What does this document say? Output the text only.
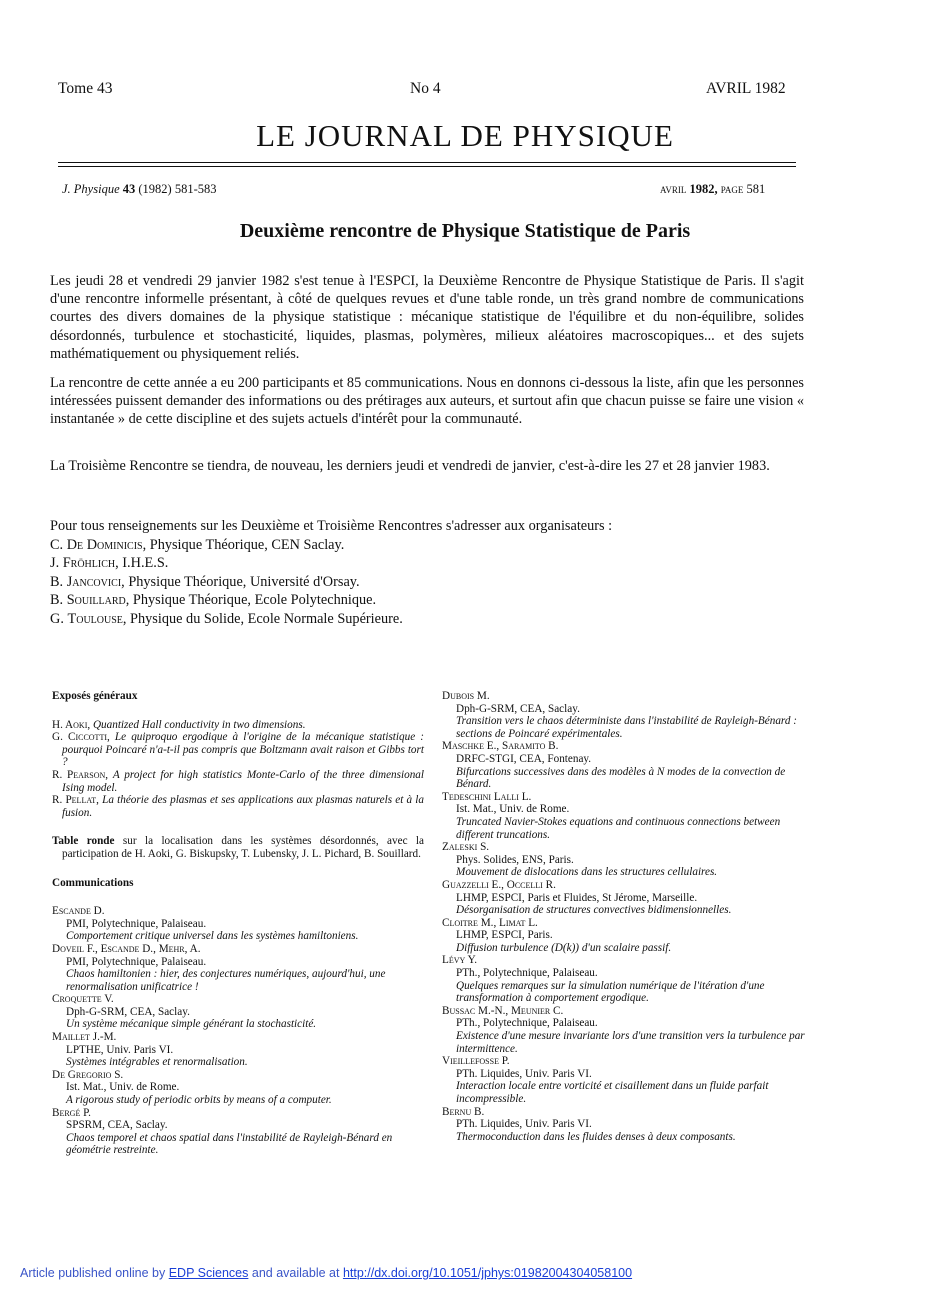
Tome 43	No 4	AVRIL 1982
LE JOURNAL DE PHYSIQUE
J. Physique 43 (1982) 581-583	avril 1982, page 581
Deuxième rencontre de Physique Statistique de Paris

Les jeudi 28 et vendredi 29 janvier 1982 s'est tenue à l'ESPCI, la Deuxième Rencontre de Physique Statistique de Paris. Il s'agit d'une rencontre informelle présentant, à côté de quelques revues et d'une table ronde, un très grand nombre de communications courtes des divers domaines de la physique statistique : mécanique statistique de l'équilibre et du non-équilibre, solides désordonnés, turbulence et stochasticité, liquides, plasmas, polymères, milieux aléatoires macroscopiques... et des sujets mathématiquement ou physiquement reliés.

La rencontre de cette année a eu 200 participants et 85 communications. Nous en donnons ci-dessous la liste, afin que les personnes intéressées puissent demander des informations ou des prétirages aux auteurs, et surtout afin que chacun puisse se faire une vision « instantanée » de cette discipline et des sujets actuels d'intérêt pour la communauté.

La Troisième Rencontre se tiendra, de nouveau, les derniers jeudi et vendredi de janvier, c'est-à-dire les 27 et 28 janvier 1983.

Pour tous renseignements sur les Deuxième et Troisième Rencontres s'adresser aux organisateurs :
C. De Dominicis, Physique Théorique, CEN Saclay.
J. Fröhlich, I.H.E.S.
B. Jancovici, Physique Théorique, Université d'Orsay.
B. Souillard, Physique Théorique, Ecole Polytechnique.
G. Toulouse, Physique du Solide, Ecole Normale Supérieure.
Exposés généraux
H. Aoki, Quantized Hall conductivity in two dimensions.
G. Ciccotti, Le quiproquo ergodique à l'origine de la mécanique statistique : pourquoi Poincaré n'a-t-il pas compris que Boltzmann avait raison et Gibbs tort ?
R. Pearson, A project for high statistics Monte-Carlo of the three dimensional Ising model.
R. Pellat, La théorie des plasmas et ses applications aux plasmas naturels et à la fusion.
Table ronde sur la localisation dans les systèmes désordonnés, avec la participation de H. Aoki, G. Biskupsky, T. Lubensky, J. L. Pichard, B. Souillard.
Communications
Escande D.
PMI, Polytechnique, Palaiseau.
Comportement critique universel dans les systèmes hamiltoniens.
Doveil F., Escande D., Mehr, A.
PMI, Polytechnique, Palaiseau.
Chaos hamiltonien : hier, des conjectures numériques, aujourd'hui, une renormalisation unificatrice !
Croquette V.
Dph-G-SRM, CEA, Saclay.
Un système mécanique simple générant la stochasticité.
Maillet J.-M.
LPTHE, Univ. Paris VI.
Systèmes intégrables et renormalisation.
De Gregorio S.
Ist. Mat., Univ. de Rome.
A rigorous study of periodic orbits by means of a computer.
Bergé P.
SPSRM, CEA, Saclay.
Chaos temporel et chaos spatial dans l'instabilité de Rayleigh-Bénard en géométrie restreinte.
Dubois M.
Dph-G-SRM, CEA, Saclay.
Transition vers le chaos déterministe dans l'instabilité de Rayleigh-Bénard : sections de Poincaré expérimentales.
Maschke E., Saramito B.
DRFC-STGI, CEA, Fontenay.
Bifurcations successives dans des modèles à N modes de la convection de Bénard.
Tedeschini Lalli L.
Ist. Mat., Univ. de Rome.
Truncated Navier-Stokes equations and continuous connections between different truncations.
Zaleski S.
Phys. Solides, ENS, Paris.
Mouvement de dislocations dans les structures cellulaires.
Guazzelli E., Occelli R.
LHMP, ESPCI, Paris et Fluides, St Jérome, Marseille.
Désorganisation de structures convectives bidimensionnelles.
Cloitre M., Limat L.
LHMP, ESPCI, Paris.
Diffusion turbulence (D(k)) d'un scalaire passif.
Lévy Y.
PTh., Polytechnique, Palaiseau.
Quelques remarques sur la simulation numérique de l'itération d'une transformation à comportement ergodique.
Bussac M.-N., Meunier C.
PTh., Polytechnique, Palaiseau.
Existence d'une mesure invariante lors d'une transition vers la turbulence par intermittence.
Vieillefosse P.
PTh. Liquides, Univ. Paris VI.
Interaction locale entre vorticité et cisaillement dans un fluide parfait incompressible.
Bernu B.
PTh. Liquides, Univ. Paris VI.
Thermoconduction dans les fluides denses à deux composants.
Article published online by EDP Sciences and available at http://dx.doi.org/10.1051/jphys:01982004304058100
